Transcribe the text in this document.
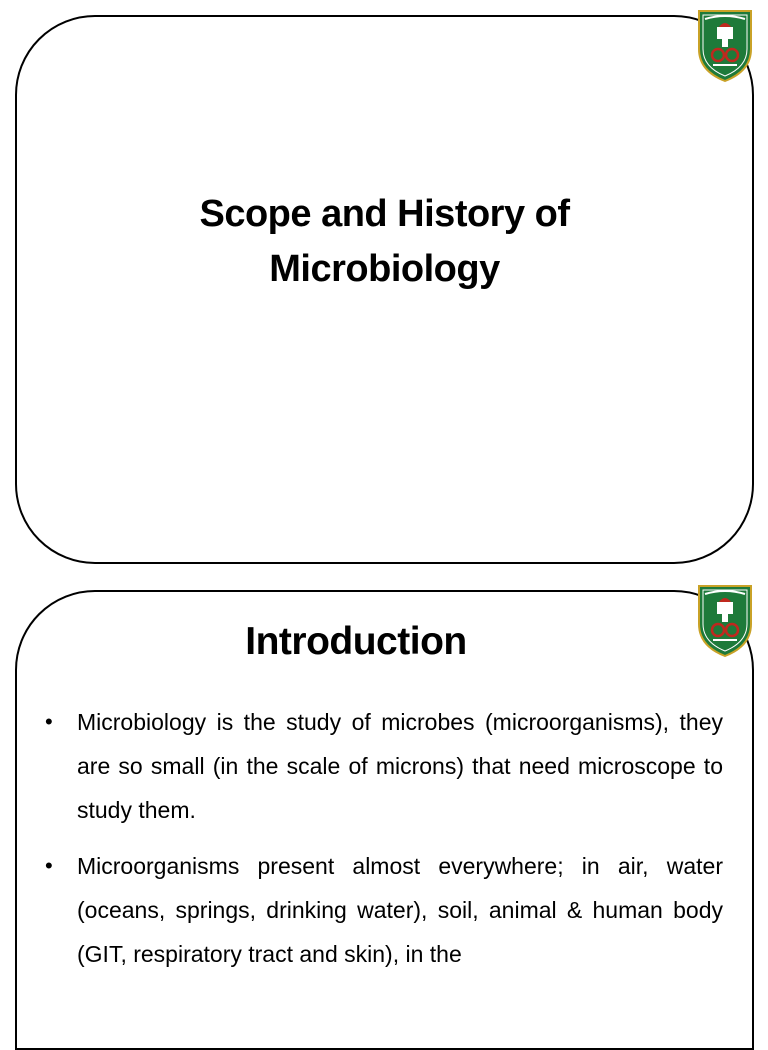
Scope and History of
Microbiology
Introduction
• Microbiology is the study of microbes (microorganisms), they are so small (in the scale of microns) that need microscope to study them.
• Microorganisms present almost everywhere; in air, water (oceans, springs, drinking water), soil, animal & human body (GIT, respiratory tract and skin), in the
